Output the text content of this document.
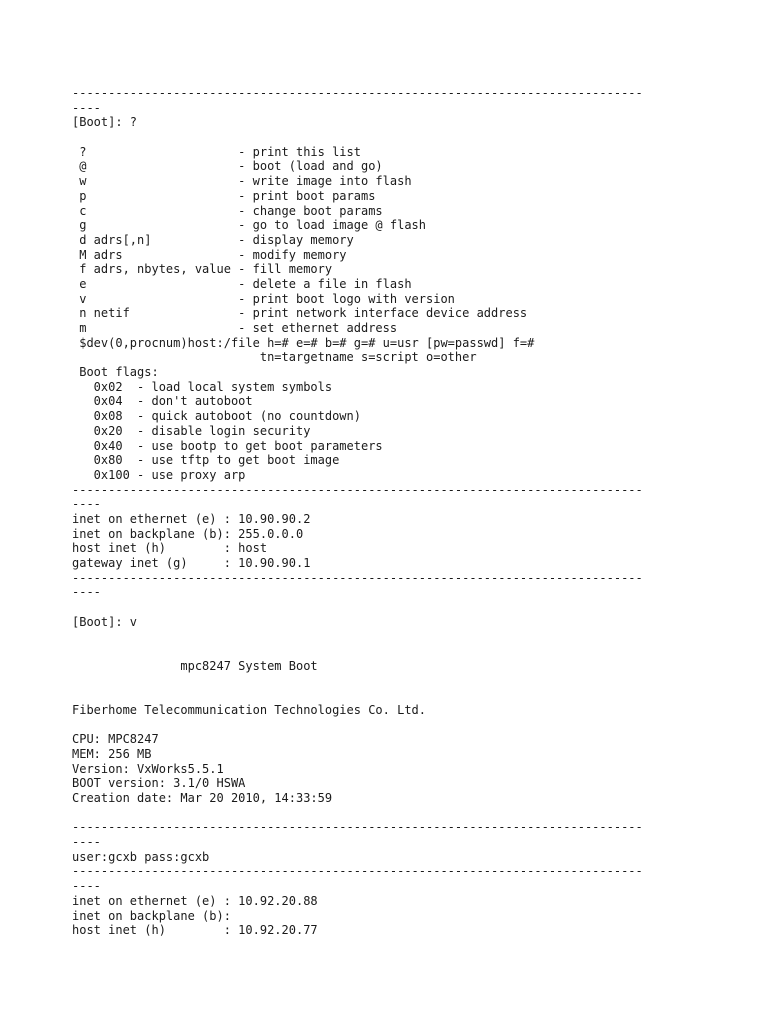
-------------------------------------------------------------------------------
----
[Boot]: ?
?                     - print this list
@                     - boot (load and go)
w                     - write image into flash
p                     - print boot params
c                     - change boot params
g                     - go to load image @ flash
d adrs[,n]            - display memory
M adrs                - modify memory
f adrs, nbytes, value - fill memory
e                     - delete a file in flash
v                     - print boot logo with version
n netif               - print network interface device address
m                     - set ethernet address
$dev(0,procnum)host:/file h=# e=# b=# g=# u=usr [pw=passwd] f=#
tn=targetname s=script o=other
Boot flags:
0x02  - load local system symbols
0x04  - don't autoboot
0x08  - quick autoboot (no countdown)
0x20  - disable login security
0x40  - use bootp to get boot parameters
0x80  - use tftp to get boot image
0x100 - use proxy arp
-------------------------------------------------------------------------------
----
inet on ethernet (e) : 10.90.90.2
inet on backplane (b): 255.0.0.0
host inet (h)        : host
gateway inet (g)     : 10.90.90.1
-------------------------------------------------------------------------------
----
[Boot]: v
mpc8247 System Boot
Fiberhome Telecommunication Technologies Co. Ltd.
CPU: MPC8247
MEM: 256 MB
Version: VxWorks5.5.1
BOOT version: 3.1/0 HSWA
Creation date: Mar 20 2010, 14:33:59
-------------------------------------------------------------------------------
----
user:gcxb pass:gcxb
-------------------------------------------------------------------------------
----
inet on ethernet (e) : 10.92.20.88
inet on backplane (b):
host inet (h)        : 10.92.20.77
